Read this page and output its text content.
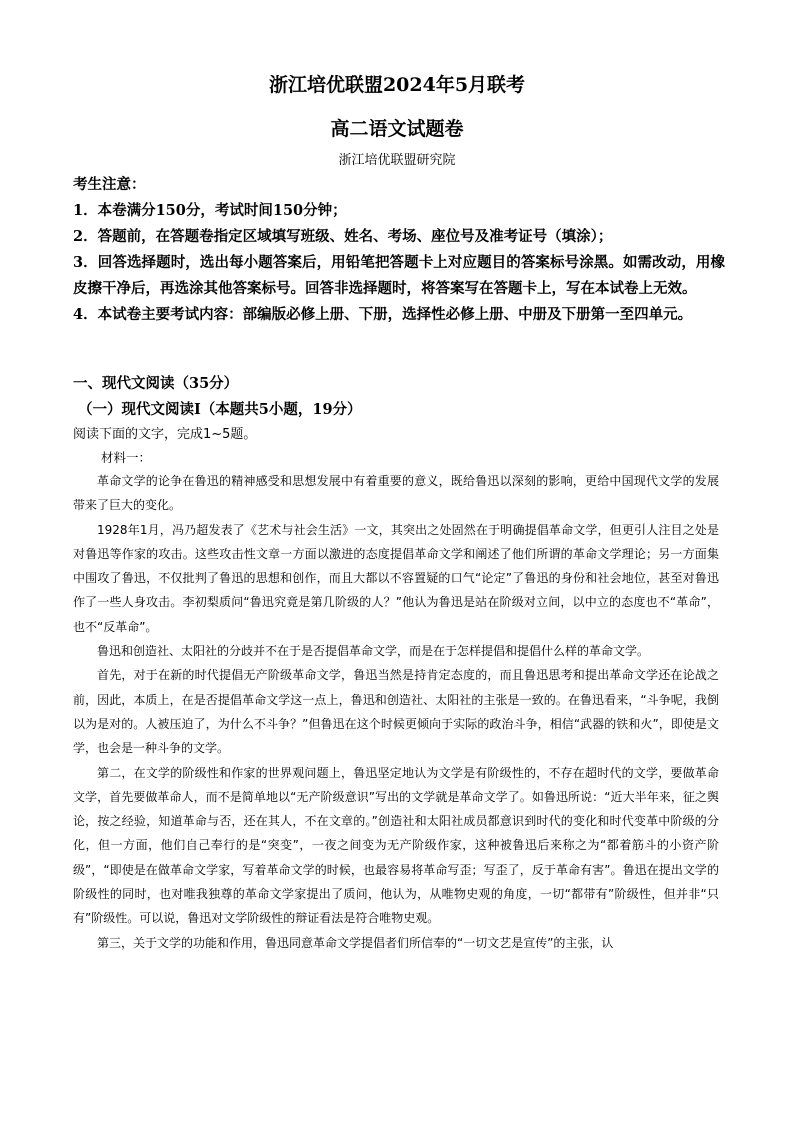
浙江培优联盟2024年5月联考
高二语文试题卷
浙江培优联盟研究院

考生注意：

1．本卷满分150分，考试时间150分钟；

2．答题前，在答题卷指定区域填写班级、姓名、考场、座位号及准考证号（填涂）；

3．回答选择题时，选出每小题答案后，用铅笔把答题卡上对应题目的答案标号涂黑。如需改动，用橡皮擦干净后，再选涂其他答案标号。回答非选择题时，将答案写在答题卡上，写在本试卷上无效。

4．本试卷主要考试内容：部编版必修上册、下册，选择性必修上册、中册及下册第一至四单元。

一、现代文阅读（35分）
（一）现代文阅读Ⅰ（本题共5小题，19分）
阅读下面的文字，完成1~5题。
材料一：

革命文学的论争在鲁迅的精神感受和思想发展中有着重要的意义，既给鲁迅以深刻的影响，更给中国现代文学的发展带来了巨大的变化。

1928年1月，冯乃超发表了《艺术与社会生活》一文，其突出之处固然在于明确提倡革命文学，但更引人注目之处是对鲁迅等作家的攻击。这些攻击性文章一方面以激进的态度提倡革命文学和阐述了他们所谓的革命文学理论；另一方面集中围攻了鲁迅，不仅批判了鲁迅的思想和创作，而且大都以不容置疑的口气“论定”了鲁迅的身份和社会地位，甚至对鲁迅作了一些人身攻击。李初梨质问“鲁迅究竟是第几阶级的人？”他认为鲁迅是站在阶级对立间，以中立的态度也不“革命”，也不“反革命”。

鲁迅和创造社、太阳社的分歧并不在于是否提倡革命文学，而是在于怎样提倡和提倡什么样的革命文学。

首先，对于在新的时代提倡无产阶级革命文学，鲁迅当然是持肯定态度的，而且鲁迅思考和提出革命文学还在论战之前，因此，本质上，在是否提倡革命文学这一点上，鲁迅和创造社、太阳社的主张是一致的。在鲁迅看来，“斗争呢，我倒以为是对的。人被压迫了，为什么不斗争？”但鲁迅在这个时候更倾向于实际的政治斗争，相信“武器的铁和火”，即使是文学，也会是一种斗争的文学。

第二，在文学的阶级性和作家的世界观问题上，鲁迅坚定地认为文学是有阶级性的，不存在超时代的文学，要做革命文学，首先要做革命人，而不是简单地以“无产阶级意识”写出的文学就是革命文学了。如鲁迅所说：“近大半年来，征之舆论，按之经验，知道革命与否，还在其人，不在文章的。”创造社和太阳社成员都意识到时代的变化和时代变革中阶级的分化，但一方面，他们自己奉行的是“突变”，一夜之间变为无产阶级作家，这种被鲁迅后来称之为“都着筋斗的小资产阶级”，“即使是在做革命文学家，写着革命文学的时候，也最容易将革命写歪；写歪了，反于革命有害”。鲁迅在提出文学的阶级性的同时，也对唯我独尊的革命文学家提出了质问，他认为，从唯物史观的角度，一切“都带有”阶级性，但并非“只有”阶级性。可以说，鲁迅对文学阶级性的辩证看法是符合唯物史观。

第三，关于文学的功能和作用，鲁迅同意革命文学提倡者们所信奉的“一切文艺是宣传”的主张，认
